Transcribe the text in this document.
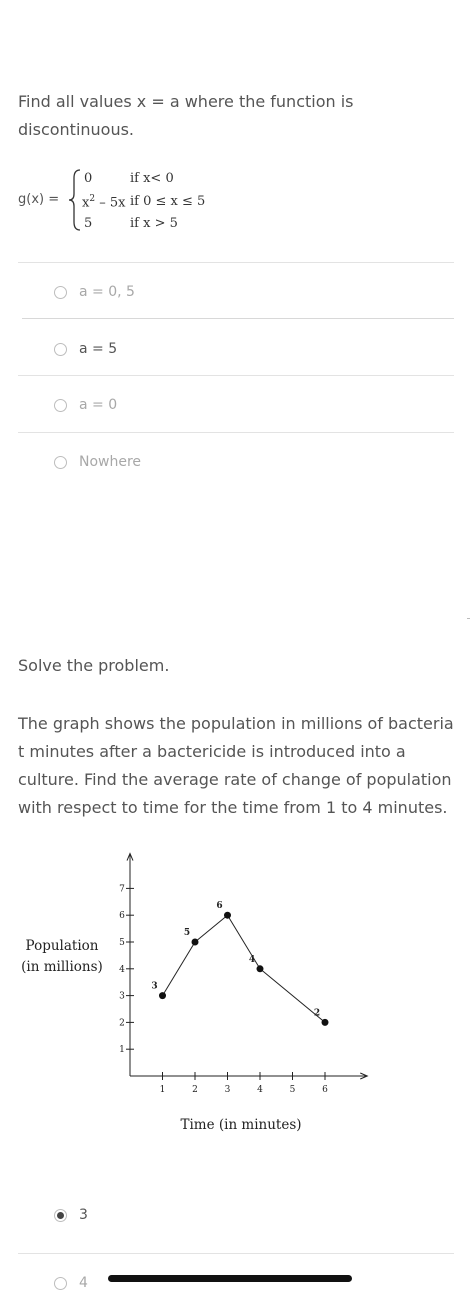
Find all values x = a where the function is discontinuous.
g(x) =
0	if x< 0
$x^2 - 5x$ if 0 ≤ x ≤ 5
5	if x > 5
a = 0, 5
a = 5
a = 0
Nowhere
Solve the problem.
The graph shows the population in millions of bacteria t minutes after a bactericide is introduced into a culture. Find the average rate of change of population with respect to time for the time from 1 to 4 minutes.
Population
(in millions)
Time (in minutes)
1	2	3	4	5	6
1
2
3
4
5
6
7
3
5
6
4
2
3
4
